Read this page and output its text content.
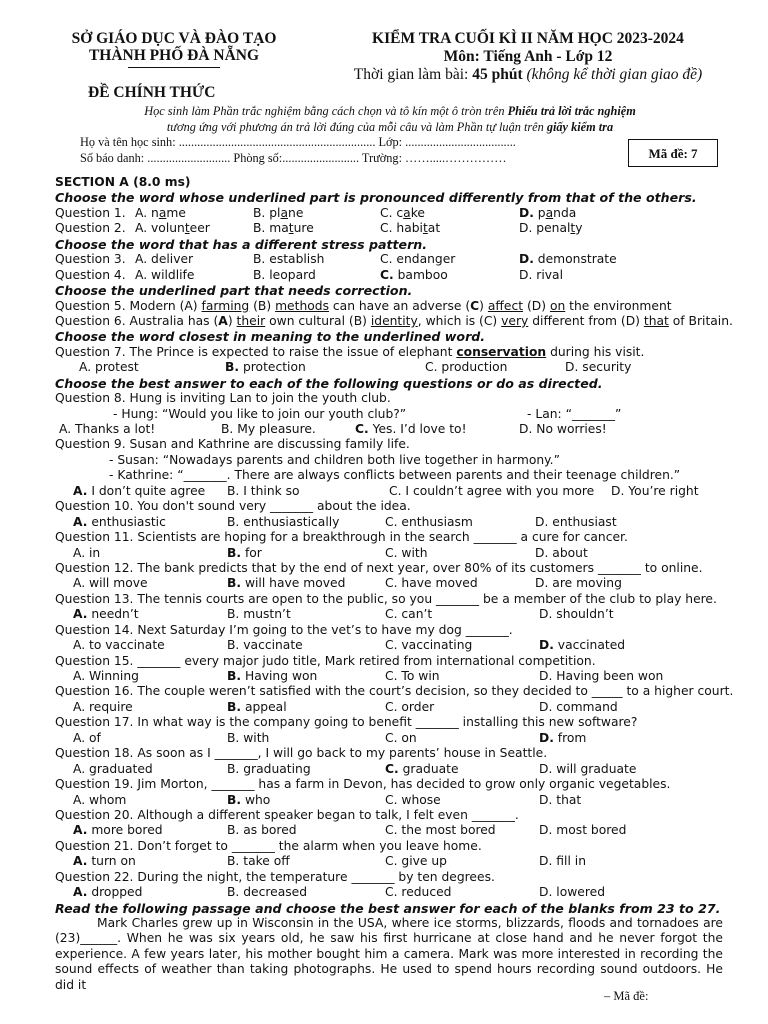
SỞ GIÁO DỤC VÀ ĐÀO TẠO
THÀNH PHỐ ĐÀ NẴNG
KIỂM TRA CUỐI KÌ II NĂM HỌC 2023-2024
Môn: Tiếng Anh - Lớp 12
Thời gian làm bài: 45 phút (không kể thời gian giao đề)
ĐỀ CHÍNH THỨC
Học sinh làm Phần trắc nghiệm bằng cách chọn và tô kín một ô tròn trên Phiếu trả lời trắc nghiệm
tương ứng với phương án trả lời đúng của mỗi câu và làm Phần tự luận trên giấy kiểm tra
Họ và tên học sinh: ................................................................ Lớp: ....................................
Số báo danh: ........................... Phòng số:......................... Trường: …….....……………	Mã đề: 7
SECTION A (8.0 ms)
Choose the word whose underlined part is pronounced differently from that of the others.
Question 1. A. name	B. plane	C. cake	D. panda
Question 2. A. volunteer	B. mature	C. habitat	D. penalty
Choose the word that has a different stress pattern.
Question 3. A. deliver	B. establish	C. endanger	D. demonstrate
Question 4. A. wildlife	B. leopard	C. bamboo	D. rival
Choose the underlined part that needs correction.
Question 5. Modern (A) farming (B) methods can have an adverse (C) affect (D) on the environment
Question 6. Australia has (A) their own cultural (B) identity, which is (C) very different from (D) that of Britain.
Choose the word closest in meaning to the underlined word.
Question 7. The Prince is expected to raise the issue of elephant conservation during his visit.
A. protest	B. protection	C. production	D. security
Choose the best answer to each of the following questions or do as directed.
Question 8. Hung is inviting Lan to join the youth club.
- Hung: “Would you like to join our youth club?”	- Lan: “_______”
A. Thanks a lot!	B. My pleasure.	C. Yes. I’d love to!	D. No worries!
Question 9. Susan and Kathrine are discussing family life.
- Susan: “Nowadays parents and children both live together in harmony.”
- Kathrine: “_______. There are always conflicts between parents and their teenage children.”
A. I don’t quite agree B. I think so	C. I couldn’t agree with you more D. You’re right
Question 10. You don't sound very _______ about the idea.
A. enthusiastic	B. enthusiastically	C. enthusiasm	D. enthusiast
Question 11. Scientists are hoping for a breakthrough in the search _______ a cure for cancer.
A. in	B. for	C. with	D. about
Question 12. The bank predicts that by the end of next year, over 80% of its customers _______ to online.
A. will move	B. will have moved	C. have moved	D. are moving
Question 13. The tennis courts are open to the public, so you _______ be a member of the club to play here.
A. needn’t	B. mustn’t	C. can’t	D. shouldn’t
Question 14. Next Saturday I’m going to the vet’s to have my dog _______.
A. to vaccinate	B. vaccinate	C. vaccinating	D. vaccinated
Question 15. _______ every major judo title, Mark retired from international competition.
A. Winning	B. Having won	C. To win	D. Having been won
Question 16. The couple weren’t satisfied with the court’s decision, so they decided to _____ to a higher court.
A. require	B. appeal	C. order	D. command
Question 17. In what way is the company going to benefit _______ installing this new software?
A. of	B. with	C. on	D. from
Question 18. As soon as I _______, I will go back to my parents’ house in Seattle.
A. graduated	B. graduating	C. graduate	D. will graduate
Question 19. Jim Morton, _______ has a farm in Devon, has decided to grow only organic vegetables.
A. whom	B. who	C. whose	D. that
Question 20. Although a different speaker began to talk, I felt even _______.
A. more bored	B. as bored	C. the most bored	D. most bored
Question 21. Don’t forget to _______ the alarm when you leave home.
A. turn on	B. take off	C. give up	D. fill in
Question 22. During the night, the temperature _______ by ten degrees.
A. dropped	B. decreased	C. reduced	D. lowered
Read the following passage and choose the best answer for each of the blanks from 23 to 27.
Mark Charles grew up in Wisconsin in the USA, where ice storms, blizzards, floods and tornadoes are (23)______. When he was six years old, he saw his first hurricane at close hand and he never forgot the experience. A few years later, his mother bought him a camera. Mark was more interested in recording the sound effects of weather than taking photographs. He used to spend hours recording sound outdoors. He did it
– Mã đề:
